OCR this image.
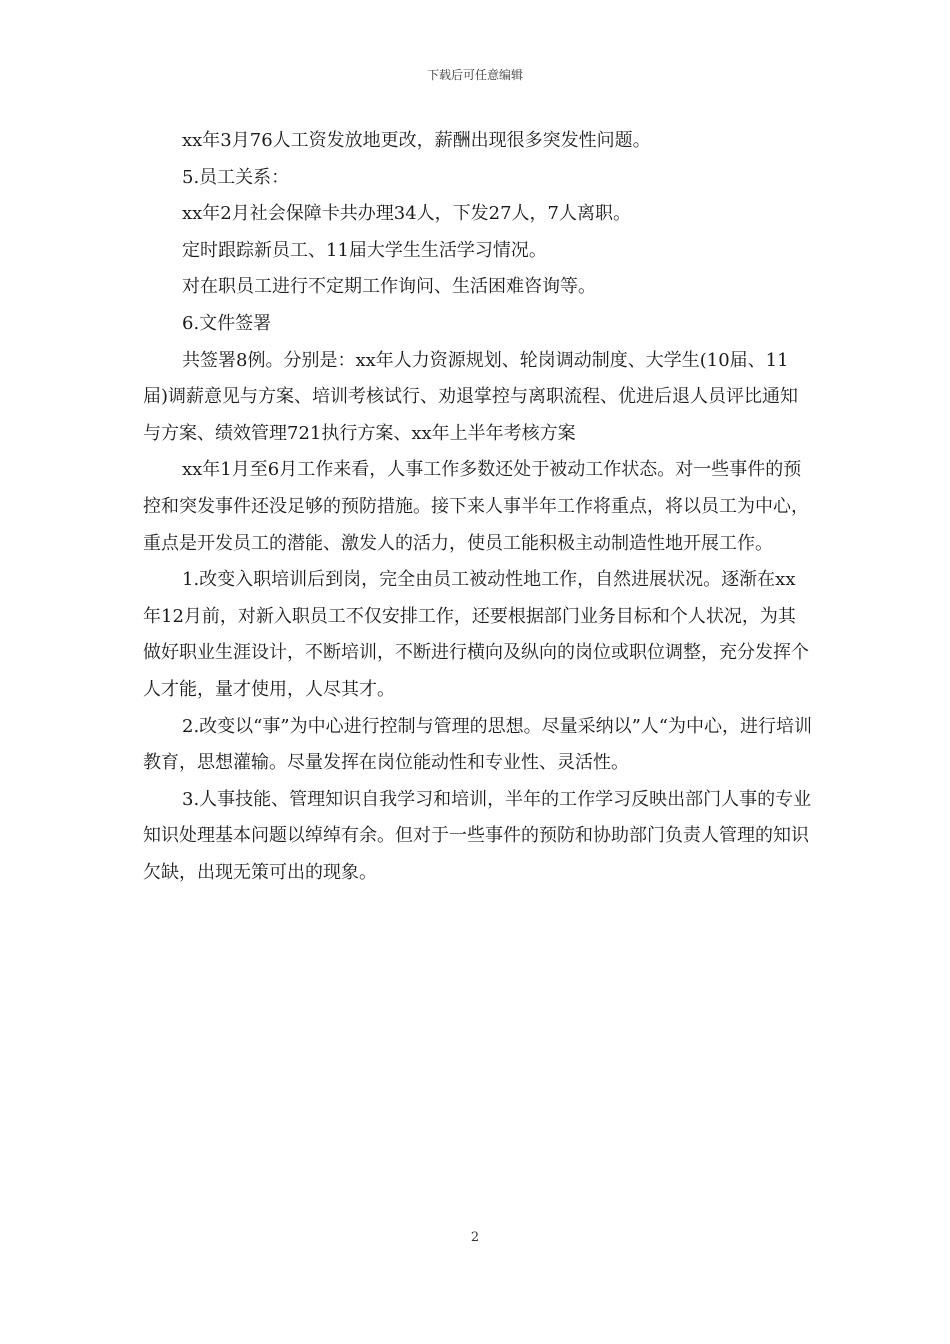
下载后可任意编辑

xx年3月76人工资发放地更改，薪酬出现很多突发性问题。

5.员工关系：

xx年2月社会保障卡共办理34人，下发27人，7人离职。

定时跟踪新员工、11届大学生生活学习情况。

对在职员工进行不定期工作询问、生活困难咨询等。

6.文件签署

共签署8例。分别是：xx年人力资源规划、轮岗调动制度、大学生(10届、11届)调薪意见与方案、培训考核试行、劝退掌控与离职流程、优进后退人员评比通知与方案、绩效管理721执行方案、xx年上半年考核方案

xx年1月至6月工作来看，人事工作多数还处于被动工作状态。对一些事件的预控和突发事件还没足够的预防措施。接下来人事半年工作将重点，将以员工为中心，重点是开发员工的潜能、激发人的活力，使员工能积极主动制造性地开展工作。

1.改变入职培训后到岗，完全由员工被动性地工作，自然进展状况。逐渐在xx年12月前，对新入职员工不仅安排工作，还要根据部门业务目标和个人状况，为其做好职业生涯设计，不断培训，不断进行横向及纵向的岗位或职位调整，充分发挥个人才能，量才使用，人尽其才。

2.改变以“事”为中心进行控制与管理的思想。尽量采纳以”人“为中心，进行培训教育，思想灌输。尽量发挥在岗位能动性和专业性、灵活性。

3.人事技能、管理知识自我学习和培训，半年的工作学习反映出部门人事的专业知识处理基本问题以绰绰有余。但对于一些事件的预防和协助部门负责人管理的知识欠缺，出现无策可出的现象。

2
